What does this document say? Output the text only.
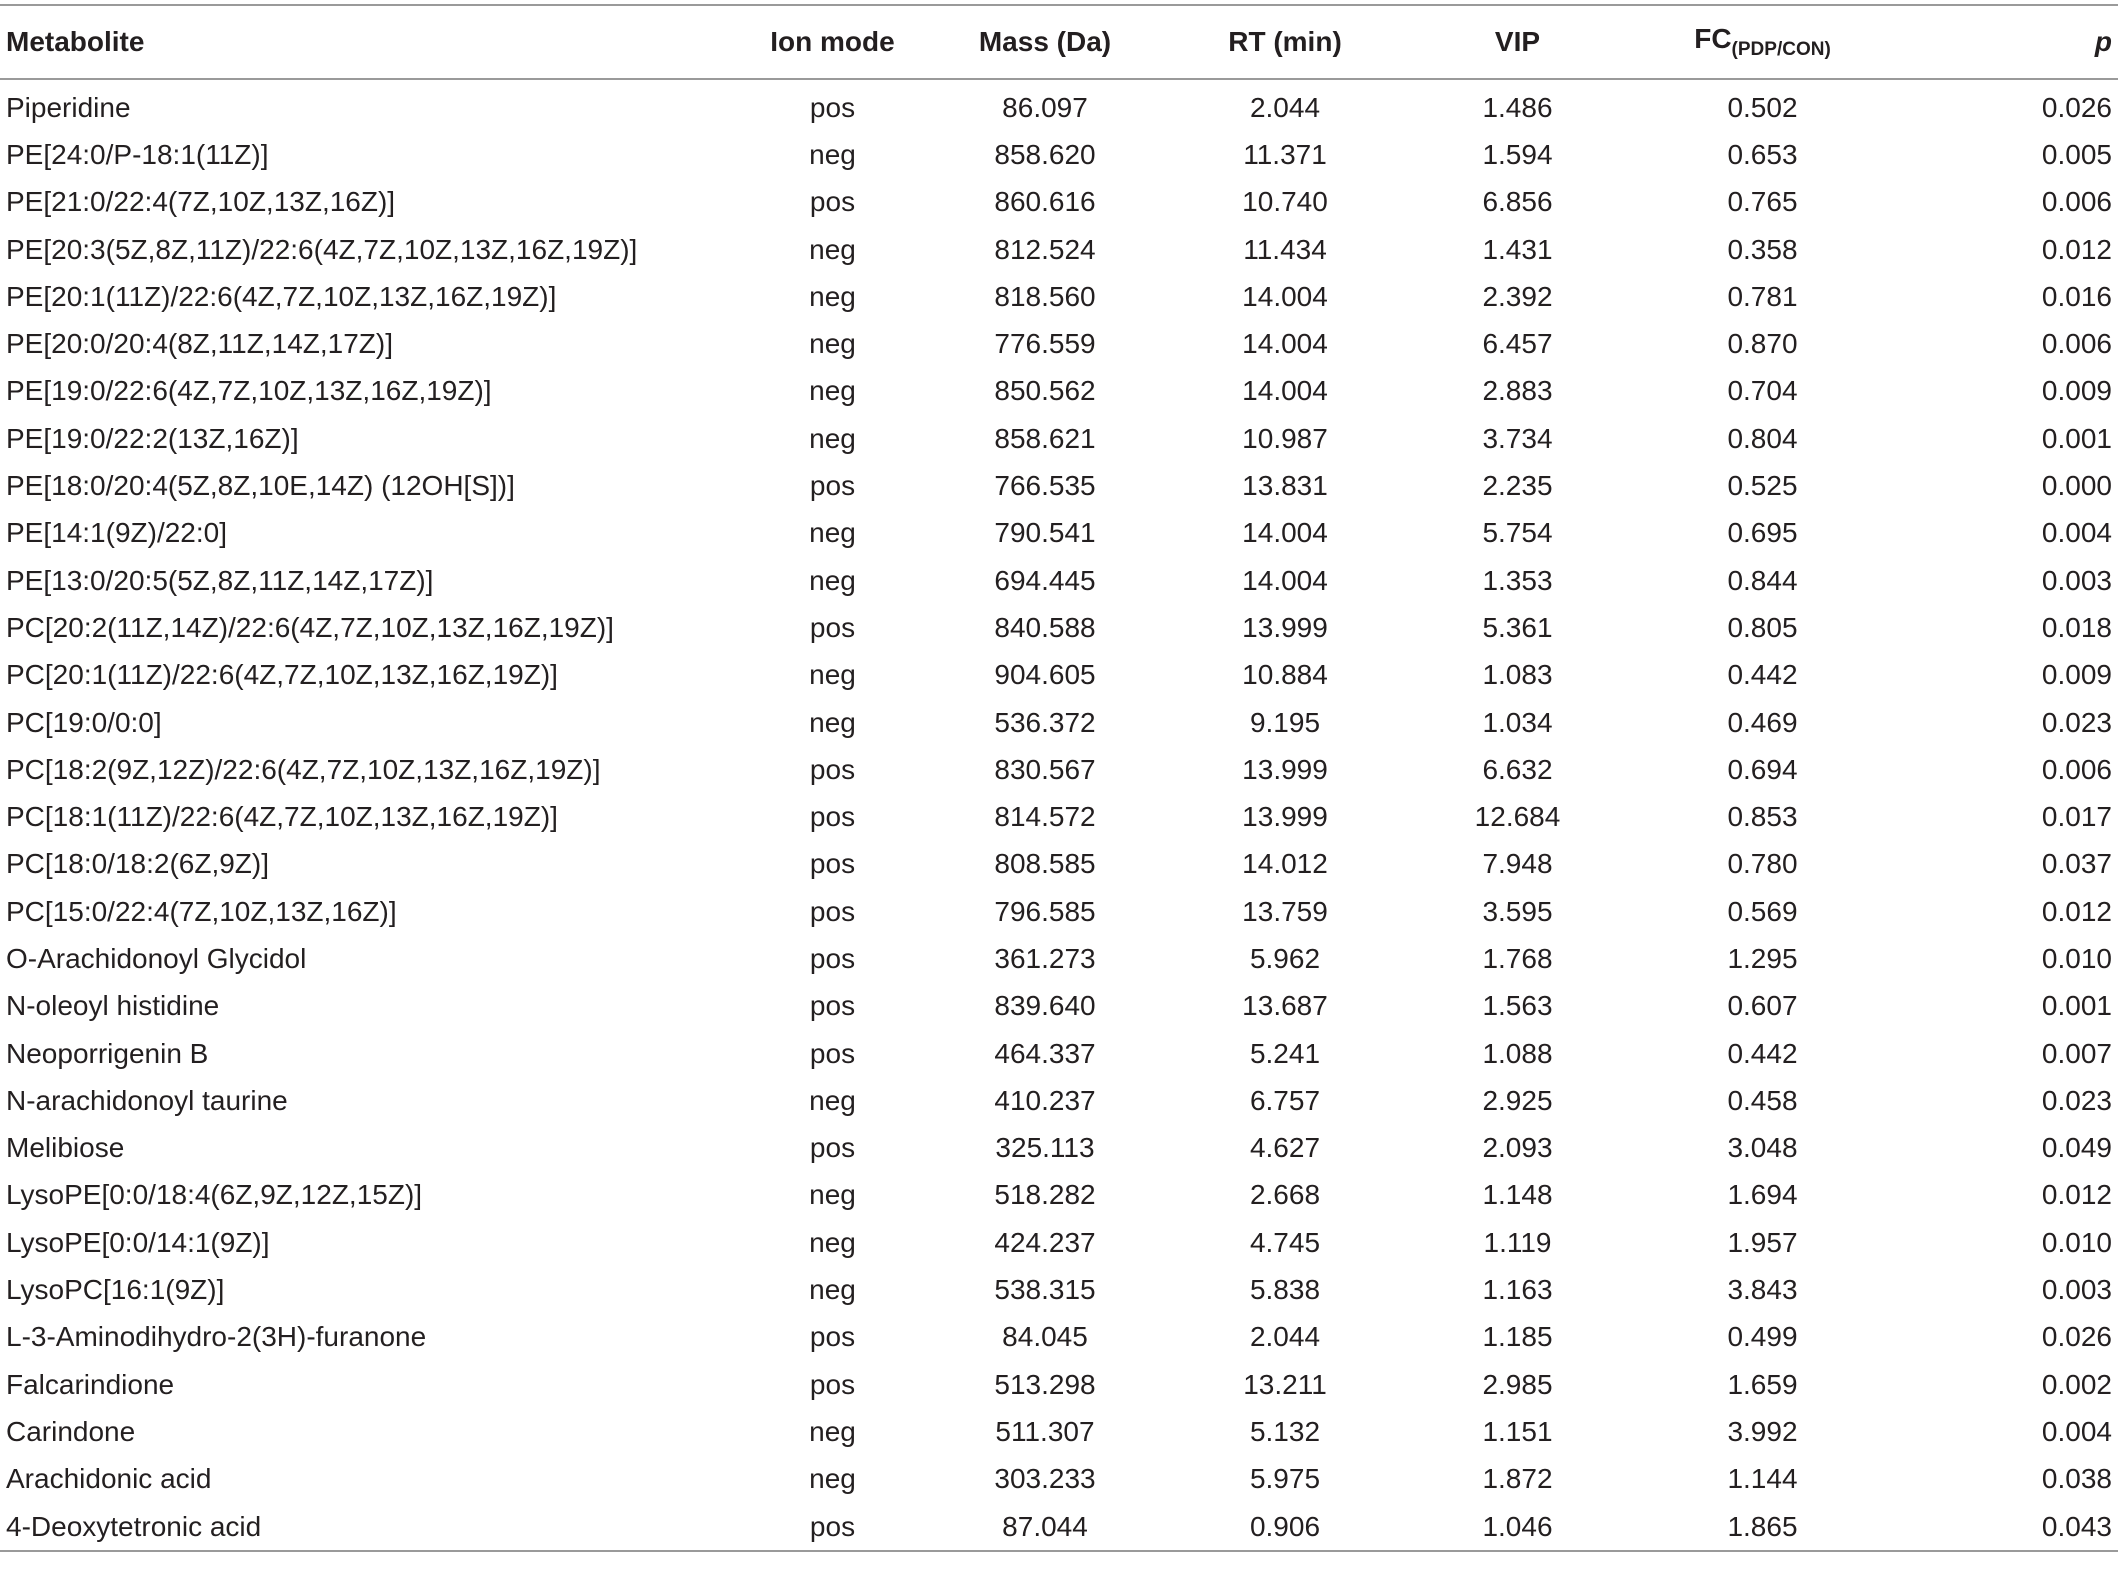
Metabolite	Ion mode	Mass (Da)	RT (min)	VIP	$FC_{(PDP/CON)}$	p
Piperidine	pos	86.097	2.044	1.486	0.502	0.026
PE[24:0/P-18:1(11Z)]	neg	858.620	11.371	1.594	0.653	0.005
PE[21:0/22:4(7Z,10Z,13Z,16Z)]	pos	860.616	10.740	6.856	0.765	0.006
PE[20:3(5Z,8Z,11Z)/22:6(4Z,7Z,10Z,13Z,16Z,19Z)]	neg	812.524	11.434	1.431	0.358	0.012
PE[20:1(11Z)/22:6(4Z,7Z,10Z,13Z,16Z,19Z)]	neg	818.560	14.004	2.392	0.781	0.016
PE[20:0/20:4(8Z,11Z,14Z,17Z)]	neg	776.559	14.004	6.457	0.870	0.006
PE[19:0/22:6(4Z,7Z,10Z,13Z,16Z,19Z)]	neg	850.562	14.004	2.883	0.704	0.009
PE[19:0/22:2(13Z,16Z)]	neg	858.621	10.987	3.734	0.804	0.001
PE[18:0/20:4(5Z,8Z,10E,14Z) (12OH[S])]	pos	766.535	13.831	2.235	0.525	0.000
PE[14:1(9Z)/22:0]	neg	790.541	14.004	5.754	0.695	0.004
PE[13:0/20:5(5Z,8Z,11Z,14Z,17Z)]	neg	694.445	14.004	1.353	0.844	0.003
PC[20:2(11Z,14Z)/22:6(4Z,7Z,10Z,13Z,16Z,19Z)]	pos	840.588	13.999	5.361	0.805	0.018
PC[20:1(11Z)/22:6(4Z,7Z,10Z,13Z,16Z,19Z)]	neg	904.605	10.884	1.083	0.442	0.009
PC[19:0/0:0]	neg	536.372	9.195	1.034	0.469	0.023
PC[18:2(9Z,12Z)/22:6(4Z,7Z,10Z,13Z,16Z,19Z)]	pos	830.567	13.999	6.632	0.694	0.006
PC[18:1(11Z)/22:6(4Z,7Z,10Z,13Z,16Z,19Z)]	pos	814.572	13.999	12.684	0.853	0.017
PC[18:0/18:2(6Z,9Z)]	pos	808.585	14.012	7.948	0.780	0.037
PC[15:0/22:4(7Z,10Z,13Z,16Z)]	pos	796.585	13.759	3.595	0.569	0.012
O-Arachidonoyl Glycidol	pos	361.273	5.962	1.768	1.295	0.010
N-oleoyl histidine	pos	839.640	13.687	1.563	0.607	0.001
Neoporrigenin B	pos	464.337	5.241	1.088	0.442	0.007
N-arachidonoyl taurine	neg	410.237	6.757	2.925	0.458	0.023
Melibiose	pos	325.113	4.627	2.093	3.048	0.049
LysoPE[0:0/18:4(6Z,9Z,12Z,15Z)]	neg	518.282	2.668	1.148	1.694	0.012
LysoPE[0:0/14:1(9Z)]	neg	424.237	4.745	1.119	1.957	0.010
LysoPC[16:1(9Z)]	neg	538.315	5.838	1.163	3.843	0.003
L-3-Aminodihydro-2(3H)-furanone	pos	84.045	2.044	1.185	0.499	0.026
Falcarindione	pos	513.298	13.211	2.985	1.659	0.002
Carindone	neg	511.307	5.132	1.151	3.992	0.004
Arachidonic acid	neg	303.233	5.975	1.872	1.144	0.038
4-Deoxytetronic acid	pos	87.044	0.906	1.046	1.865	0.043
